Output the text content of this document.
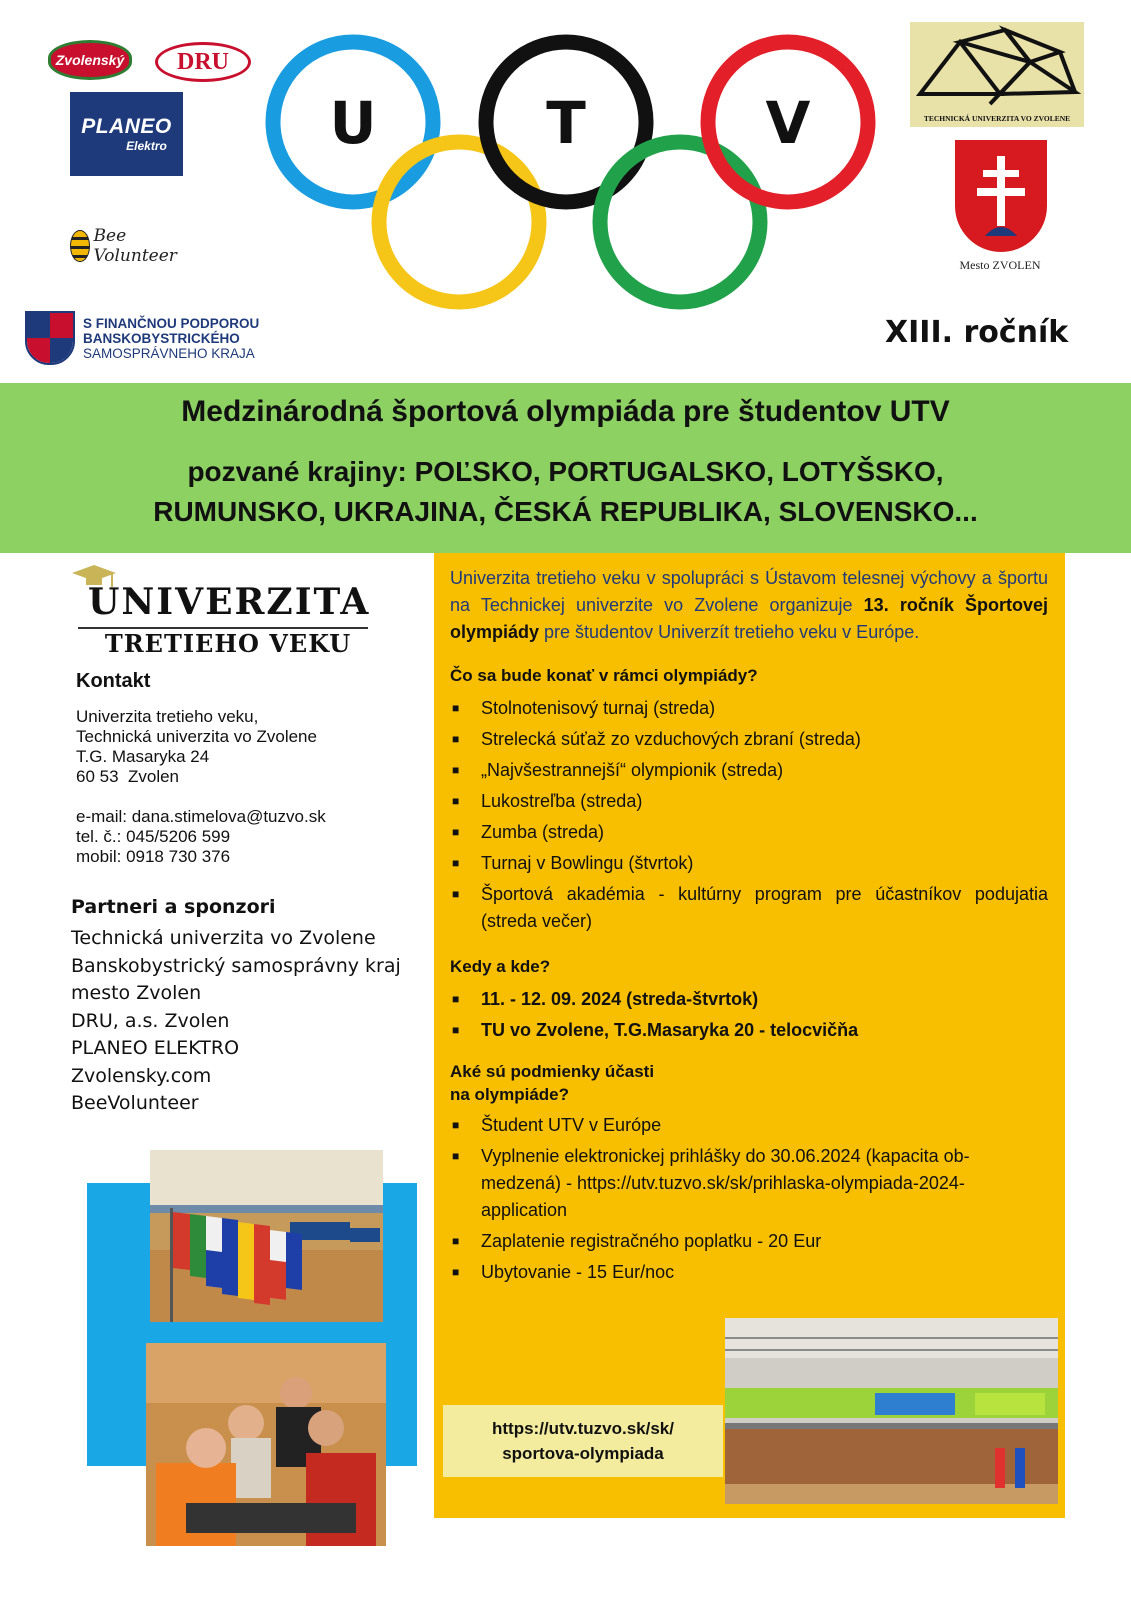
Zvolenský DRU
PLANEO
Elektro
Bee Volunteer
S FINANČNOU PODPOROU
BANSKOBYSTRICKÉHO
SAMOSPRÁVNEHO KRAJA
U	T	V	TECHNICKÁ UNIVERZITA VO ZVOLENE
Mesto ZVOLEN
XIII. ročník
Medzinárodná športová olympiáda pre študentov UTV
pozvané krajiny: POĽSKO, PORTUGALSKO, LOTYŠSKO,
RUMUNSKO, UKRAJINA, ČESKÁ REPUBLIKA, SLOVENSKO...
UNIVERZITA
TRETIEHO VEKU
Kontakt
Univerzita tretieho veku,
Technická univerzita vo Zvolene
T.G. Masaryka 24
60 53  Zvolen

e-mail: dana.stimelova@tuzvo.sk
tel. č.: 045/5206 599
mobil: 0918 730 376
Partneri a sponzori
Technická univerzita vo Zvolene
Banskobystrický samosprávny kraj
mesto Zvolen
DRU, a.s. Zvolen
PLANEO ELEKTRO
Zvolensky.com
BeeVolunteer
Univerzita tretieho veku v spolupráci s Ústavom telesnej výchovy a športu na Technickej univerzite vo Zvolene organizuje 13. ročník Športovej olympiády pre študentov Univerzít tretieho veku v Európe.
Čo sa bude konať v rámci olympiády?
■ Stolnotenisový turnaj (streda)
■ Strelecká súťaž zo vzduchových zbraní (streda)
■ „Najvšestrannejší“ olympionik (streda)
■ Lukostreľba (streda)
■ Zumba (streda)
■ Turnaj v Bowlingu (štvrtok)
■ Športová akadémia - kultúrny program pre účastníkov podujatia (streda večer)
Kedy a kde?
■ 11. - 12. 09. 2024 (streda-štvrtok)
■ TU vo Zvolene, T.G.Masaryka 20 - telocvičňa
Aké sú podmienky účasti
na olympiáde?
■ Študent UTV v Európe
■ Vyplnenie elektronickej prihlášky do 30.06.2024 (kapacita ob-medzená) - https://utv.tuzvo.sk/sk/prihlaska-olympiada-2024-application
■ Zaplatenie registračného poplatku - 20 Eur
■ Ubytovanie - 15 Eur/noc
https://utv.tuzvo.sk/sk/
sportova-olympiada
